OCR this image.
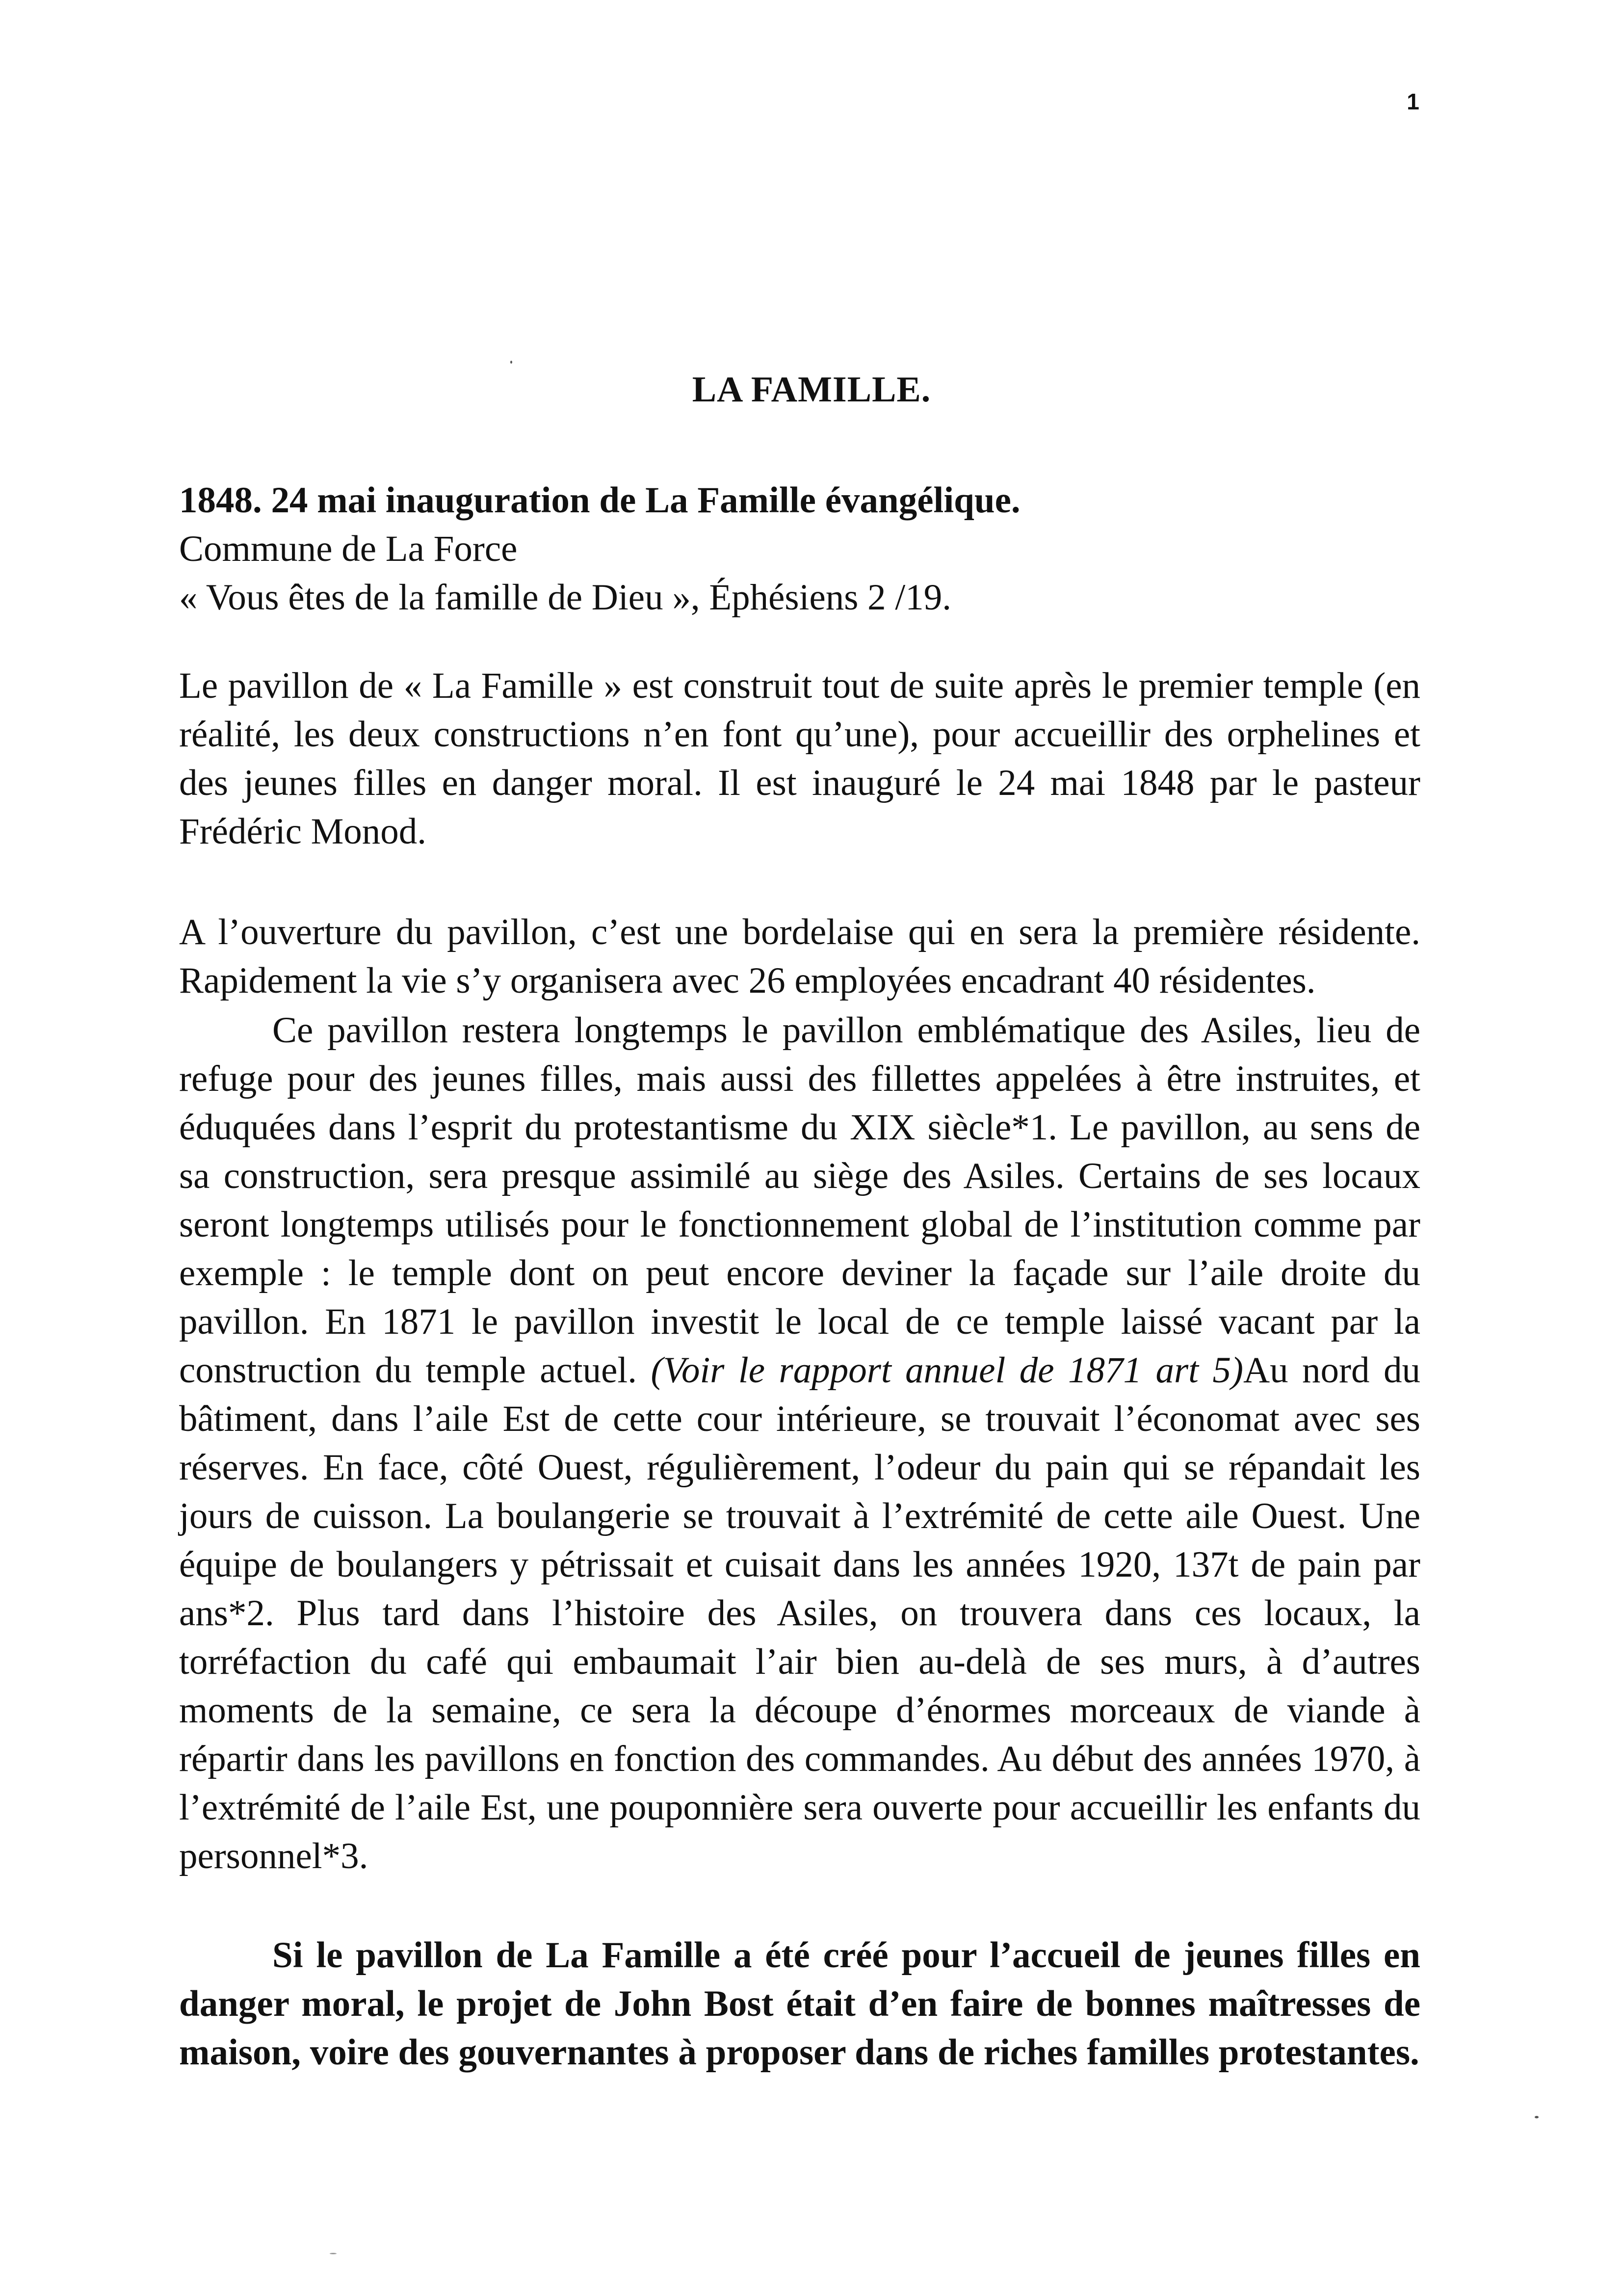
1
LA FAMILLE.
1848. 24 mai inauguration de La Famille évangélique.
Commune de La Force
« Vous êtes de la famille de Dieu », Éphésiens 2 /19.

Le pavillon de « La Famille » est construit tout de suite après le premier temple (en réalité, les deux constructions n’en font qu’une), pour accueillir des orphelines et des jeunes filles en danger moral. Il est inauguré le 24 mai 1848 par le pasteur Frédéric Monod.

A l’ouverture du pavillon, c’est une bordelaise qui en sera la première résidente. Rapidement la vie s’y organisera avec 26 employées encadrant 40 résidentes.

Ce pavillon restera longtemps le pavillon emblématique des Asiles, lieu de refuge pour des jeunes filles, mais aussi des fillettes appelées à être instruites, et éduquées dans l’esprit du protestantisme du XIX siècle*1. Le pavillon, au sens de sa construction, sera presque assimilé au siège des Asiles. Certains de ses locaux seront longtemps utilisés pour le fonctionnement global de l’institution comme par exemple : le temple dont on peut encore deviner la façade sur l’aile droite du pavillon. En 1871 le pavillon investit le local de ce temple laissé vacant par la construction du temple actuel. (Voir le rapport annuel de 1871 art 5)Au nord du bâtiment, dans l’aile Est de cette cour intérieure, se trouvait l’économat avec ses réserves. En face, côté Ouest, régulièrement, l’odeur du pain qui se répandait les jours de cuisson. La boulangerie se trouvait à l’extrémité de cette aile Ouest. Une équipe de boulangers y pétrissait et cuisait dans les années 1920, 137t de pain par ans*2. Plus tard dans l’histoire des Asiles, on trouvera dans ces locaux, la torréfaction du café qui embaumait l’air bien au-delà de ses murs, à d’autres moments de la semaine, ce sera la découpe d’énormes morceaux de viande à répartir dans les pavillons en fonction des commandes. Au début des années 1970, à l’extrémité de l’aile Est, une pouponnière sera ouverte pour accueillir les enfants du personnel*3.

Si le pavillon de La Famille a été créé pour l’accueil de jeunes filles en danger moral, le projet de John Bost était d’en faire de bonnes maîtresses de maison, voire des gouvernantes à proposer dans de riches familles protestantes.
